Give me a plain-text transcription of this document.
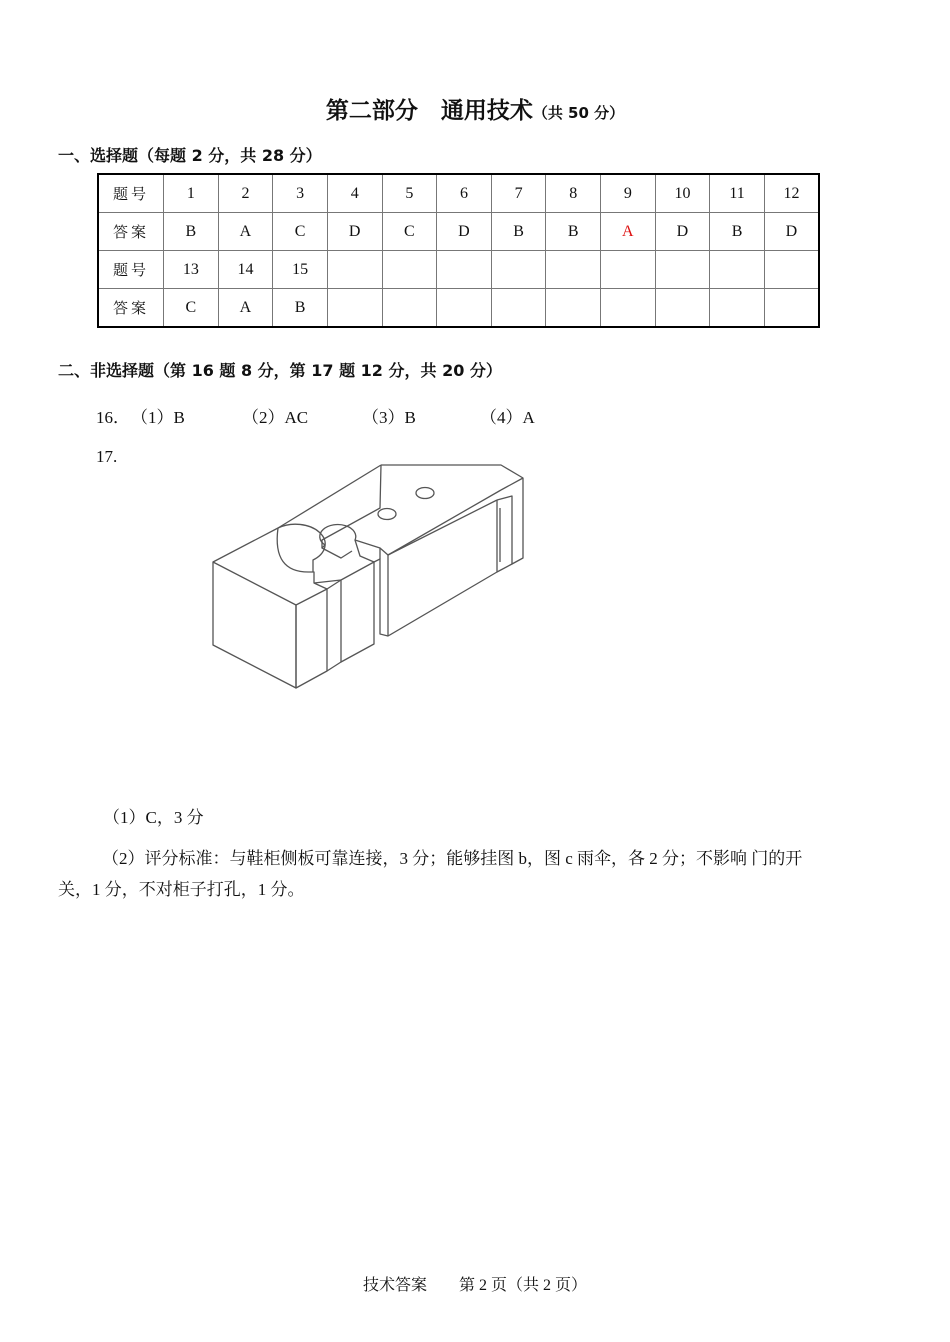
第二部分　通用技术（共 50 分）
一、选择题（每题 2 分，共 28 分）
题号	1	2	3	4	5	6	7	8	9	10	11	12
答案	B	A	C	D	C	D	B	B	A	D	B	D
题号	13	14	15									
答案	C	A	B									
二、非选择题（第 16 题 8 分，第 17 题 12 分，共 20 分）
16． （1）B	（2）AC	（3）B	（4）A
17.
（1）C，3 分
（2）评分标准：与鞋柜侧板可靠连接，3 分；能够挂图 b，图 c 雨伞，各 2 分；不影响 门的开关，1 分，不对柜子打孔，1 分。
技术答案　　第 2 页（共 2 页）
